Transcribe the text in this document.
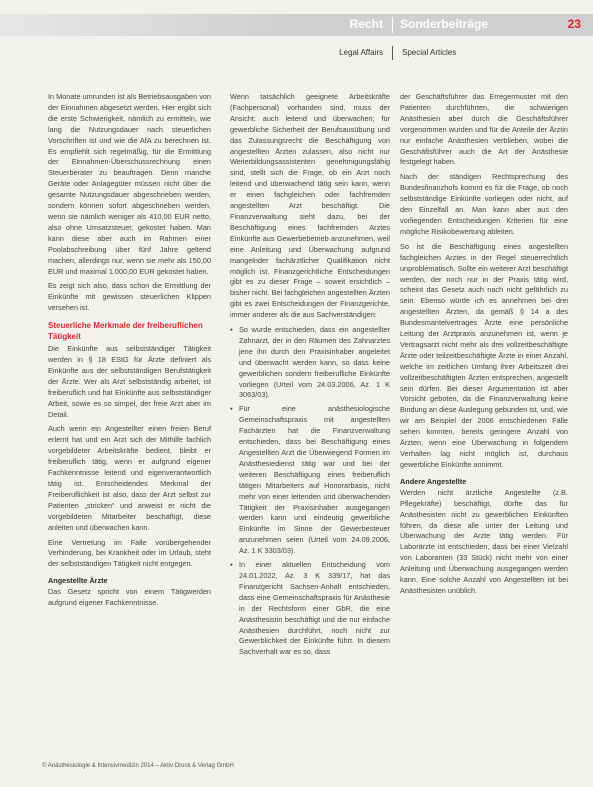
Recht Sonderbeiträge	23
Legal Affairs Special Articles

In Monate umrunden ist als Betriebsausgaben von der Einnahmen abgesetzt werden. Hier ergibt sich die erste Schwierigkeit, nämlich zu ermitteln, wie lang die Nutzungsdauer nach steuerlichen Vorschriften ist und wie die AfA zu berechnen ist. Es empfiehlt sich regelmäßig, für die Ermittlung der Einnahmen-Überschussrechnung einen Steuerberater zu beauftragen. Denn manche Geräte oder Anlagegüter müssen nicht über die gesamte Nutzungsdauer abgeschrieben werden, sondern können sofort abgeschrieben werden, wenn sie nämlich weniger als 410,00 EUR netto, also ohne Umsatzsteuer, gekostet haben. Man kann diese aber auch im Rahmen einer Poolabschreibung über fünf Jahre geltend machen, allerdings nur, wenn sie mehr als 150,00 EUR und maximal 1.000,00 EUR gekostet haben.

Es zeigt sich also, dass schon die Ermittlung der Einkünfte mit gewissen steuerlichen Klippen versehen ist.

Steuerliche Merkmale der freiberuflichen Tätigkeit

Die Einkünfte aus selbstständiger Tätigkeit werden in § 18 EStG für Ärzte definiert als Einkünfte aus der selbstständigen Berufstätigkeit der Ärzte. Wer als Arzt selbstständig arbeitet, ist freiberuflich und hat Einkünfte aus selbstständiger Arbeit, sowie es so simpel, der freie Arzt aber im Detail.

Auch wenn ein Angestellter einen freien Beruf erlernt hat und ein Arzt sich der Mithilfe fachlich vorgebildeter Arbeitskräfte bedient, bleibt er freiberuflich tätig, wenn er aufgrund eigener Fachkenntnisse leitend und eigenverantwortlich tätig ist. Entscheidendes Merkmal der Freiberuflichkeit ist also, dass der Arzt selbst zur Patienten „stricken“ und anweist er nicht die vorgebildeten Mitarbeiter beschäftigt, diese anleiten und überwachen kann.

Eine Vertretung im Falle vorübergehender Verhinderung, bei Krankheit oder im Urlaub, steht der selbstständigen Tätigkeit nicht entgegen.

Angestellte Ärzte

Das Gesetz spricht von einem Tätigwerden aufgrund eigener Fachkenntnisse.

Wenn tatsächlich geeignete Arbeitskräfte (Fachpersonal) vorhanden sind, muss der Ansicht: auch leitend und überwachen; für gewerbliche Sicherheit der Berufsausübung und das Zulassungsrecht die Beschäftigung von angestellten Ärzten zulassen, also nicht nur Weiterbildungsassistenten genehmigungsfähig sind, stellt sich die Frage, ob ein Arzt noch leitend und überwachend tätig sein kann, wenn er einen fachgleichen oder fachfremden angestellten Arzt beschäftigt. Die Finanzverwaltung sieht dazu, bei der Beschäftigung eines fachfremden Arztes Einkünfte aus Gewerbebetrieb anzunehmen, weil eine Anleitung und Überwachung aufgrund mangelnder fachärztlicher Qualifikation nicht möglich ist. Finanzgerichtliche Entscheidungen gibt es zu dieser Frage – soweit ersichtlich – bisher nicht. Bei fachgleichen angestellten Ärzten gibt es zwei Entscheidungen der Finanzgerichte, immer anderer als die aus Sachverständigen:

▪ So wurde entschieden, dass ein angestellter Zahnarzt, der in den Räumen des Zahnarztes jene ihn durch den Praxisinhaber angeleitet und überwacht werden kann, so dass keine gewerblichen sondern freiberufliche Einkünfte vorliegen (Urteil vom 24.03.2006, Az. 1 K 3063/03).
▪ Für eine anästhesiologische Gemeinschaftspraxis mit angestellten Fachärzten hat die Finanzverwaltung entschieden, dass bei Beschäftigung eines Angestellten Arzt die Überwiegend Formen im Anästhesiedienst tätig war und bei der weiteren Beschäftigung eines freiberuflich tätigen Mitarbeiters auf Honorarbasis, nicht mehr von einer leitenden und überwachenden Tätigkeit der Praxisinhaber ausgegangen werden kann und eindeutig gewerbliche Einkünfte im Sinne der Gewerbesteuer anzunehmen seien (Urteil vom 24.09.2006, Az. 1 K 3303/03).
▪ In einer aktuellen Entscheidung vom 24.01.2022, Az. 3 K 339/17, hat das Finanzgericht Sachsen-Anhalt entschieden, dass eine Gemeinschaftspraxis für Anästhesie in der Rechtsform einer GbR, die eine Anästhesistin beschäftigt und die nur einfache Anästhesien durchführt, noch nicht zur Gewerblichkeit der Einkünfte führt. In diesem Sachverhalt war es so, dass

der Geschäftsführer das Erregermuster mit den Patienten durchführten, die schwierigen Anästhesien aber durch die Geschäftsführer vorgenommen wurden und für die Anteile der Ärztin nur einfache Anästhesien verblieben, wobei die Geschäftsführer auch die Art der Anästhesie festgelegt haben.

Nach der ständigen Rechtsprechung des Bundesfinanzhofs kommt es für die Frage, ob noch selbstständige Einkünfte vorliegen oder nicht, auf den Einzelfall an. Man kann aber aus den vorliegenden Entscheidungen Kriterien für eine mögliche Risikobewertung ableiten.

So ist die Beschäftigung eines angestellten fachgleichen Arztes in der Regel steuerrechtlich unproblematisch. Sollte ein weiterer Arzt beschäftigt werden, der noch nur in der Praxis tätig wird, scheint das Gesetz auch nach nicht gefährlich zu sein. Ebenso würde ich es annehmen bei drei angestellten Ärzten, da gemäß § 14 a des Bundesmantelvertrages Ärzte eine persönliche Leitung der Arztpraxis anzunehmen ist, wenn je Vertragsarzt nicht mehr als drei vollzeitbeschäftigte Ärzte oder teilzeitbeschäftigte Ärzte in einer Anzahl, welche im zeitlichen Umfang ihrer Arbeitszeit drei vollzeitbeschäftigten Ärzten entsprechen, angestellt sein dürfen. Bei dieser Argumentation ist aber Vorsicht geboten, da die Finanzverwaltung keine Bindung an diese Auslegung gebunden ist, und, wie wir am Beispiel der 2006 entschiedenen Fälle sehen konnten, bereits geringere Anzahl von Ärzten, wenn eine Überwachung in folgendem Verhalten lag nicht möglich ist, durchaus gewerbliche Einkünfte annimmt.

Andere Angestellte

Werden nicht ärztliche Angestellte (z.B. Pflegekräfte) beschäftigt, dürfte das für Anästhesisten nicht zu gewerblichen Einkünften führen, da diese alle unter der Leitung und Überwachung der Arzte tätig werden. Für Laborärzte ist entschieden, dass bei einer Vielzahl von Laboranten (33 Stück) nicht mehr von einer Anleitung und Überwachung ausgegangen werden kann. Eine solche Anzahl von Angestellten ist bei Anästhesisten unüblich.

© Anästhesiologie & Intensivmedizin 2014 – Aktiv Druck & Verlag GmbH
